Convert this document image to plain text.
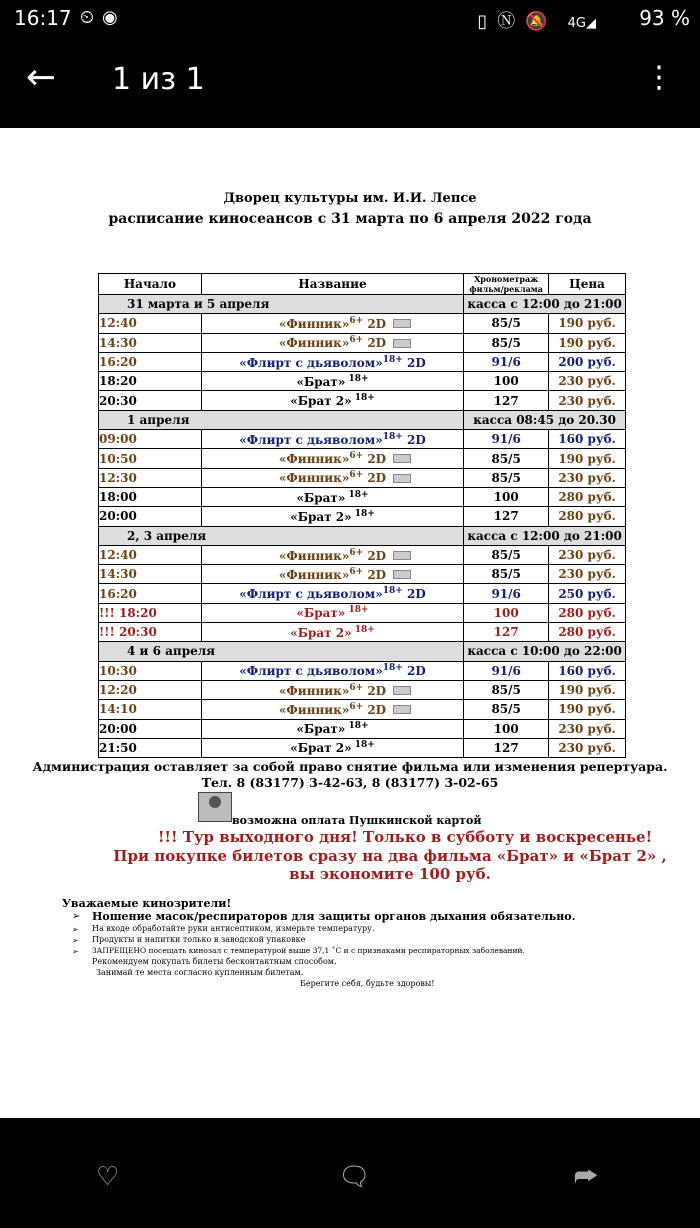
16:17 ⏲ ◉	▯ Ⓝ 🔕 4G◢ 93 %
← 1 из 1	⋮
Дворец культуры им. И.И. Лепсе
расписание киносеансов с 31 марта по 6 апреля 2022 года
Начало	Название	Хронометраж фильм/реклама	Цена
31 марта и 5 апреля		касса с 12:00 до 21:00	
12:40	«Финник»$^{6+}$ 2D	85/5	190 руб.
14:30	«Финник»$^{6+}$ 2D	85/5	190 руб.
16:20	«Флирт с дьяволом»$^{18+}$ 2D	91/6	200 руб.
18:20	«Брат» $^{18+}$	100	230 руб.
20:30	«Брат 2» $^{18+}$	127	230 руб.
1 апреля		касса 08:45 до 20.30	
09:00	«Флирт с дьяволом»$^{18+}$ 2D	91/6	160 руб.
10:50	«Финник»$^{6+}$ 2D	85/5	190 руб.
12:30	«Финник»$^{6+}$ 2D	85/5	230 руб.
18:00	«Брат» $^{18+}$	100	280 руб.
20:00	«Брат 2» $^{18+}$	127	280 руб.
2, 3 апреля		касса с 12:00 до 21:00	
12:40	«Финник»$^{6+}$ 2D	85/5	230 руб.
14:30	«Финник»$^{6+}$ 2D	85/5	230 руб.
16:20	«Флирт с дьяволом»$^{18+}$ 2D	91/6	250 руб.
!!! 18:20	«Брат» $^{18+}$	100	280 руб.
!!! 20:30	«Брат 2» $^{18+}$	127	280 руб.
4 и 6 апреля		касса с 10:00 до 22:00	
10:30	«Флирт с дьяволом»$^{18+}$ 2D	91/6	160 руб.
12:20	«Финник»$^{6+}$ 2D	85/5	190 руб.
14:10	«Финник»$^{6+}$ 2D	85/5	190 руб.
20:00	«Брат» $^{18+}$	100	230 руб.
21:50	«Брат 2» $^{18+}$	127	230 руб.
Администрация оставляет за собой право снятие фильма или изменения репертуара.
Тел. 8 (83177) 3-42-63, 8 (83177) 3-02-65
возможна оплата Пушкинской картой
!!! Тур выходного дня! Только в субботу и воскресенье!
При покупке билетов сразу на два фильма «Брат» и «Брат 2» ,
вы экономите 100 руб.
Уважаемые кинозрители!
➢ Ношение масок/респираторов для защиты органов дыхания обязательно.
➢ На входе обработайте руки антисептиком, измерьте температуру.
➢ Продукты и напитки только в заводской упаковке
➢ ЗАПРЕЩЕНО посещать кинозал с температурой выше 37,1 ˚С и с признаками респираторных заболеваний.
Рекомендуем покупать билеты бесконтактным способом.
Занимай те места согласно купленным билетам.
Берегите себя, будьте здоровы!
♡	🗨	⮫
